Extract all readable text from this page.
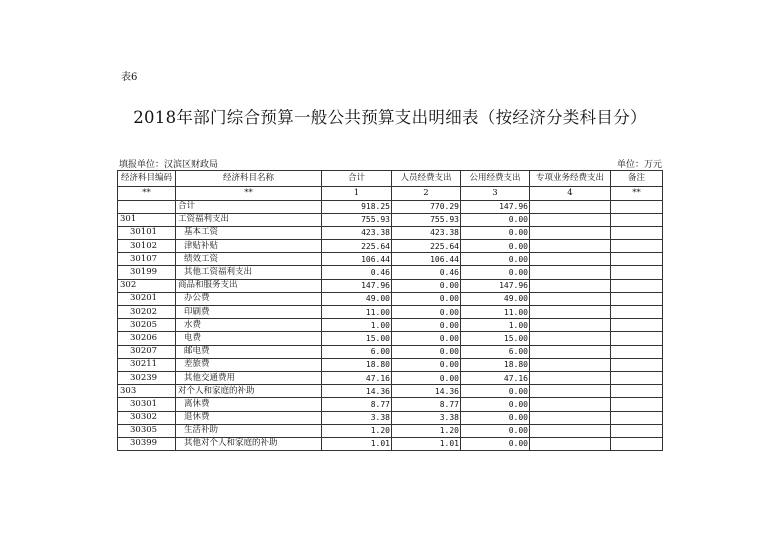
表6
2018年部门综合预算一般公共预算支出明细表（按经济分类科目分）
填报单位：汉滨区财政局	单位：万元
经济科目编码	经济科目名称	合计	人员经费支出	公用经费支出	专项业务经费支出	备注
**	**	1	2	3	4	**
	合计	918.25	770.29	147.96		
301	工资福利支出	755.93	755.93	0.00		
30101	基本工资	423.38	423.38	0.00		
30102	津贴补贴	225.64	225.64	0.00		
30107	绩效工资	106.44	106.44	0.00		
30199	其他工资福利支出	0.46	0.46	0.00		
302	商品和服务支出	147.96	0.00	147.96		
30201	办公费	49.00	0.00	49.00		
30202	印刷费	11.00	0.00	11.00		
30205	水费	1.00	0.00	1.00		
30206	电费	15.00	0.00	15.00		
30207	邮电费	6.00	0.00	6.00		
30211	差旅费	18.80	0.00	18.80		
30239	其他交通费用	47.16	0.00	47.16		
303	对个人和家庭的补助	14.36	14.36	0.00		
30301	离休费	8.77	8.77	0.00		
30302	退休费	3.38	3.38	0.00		
30305	生活补助	1.20	1.20	0.00		
30399	其他对个人和家庭的补助	1.01	1.01	0.00		
